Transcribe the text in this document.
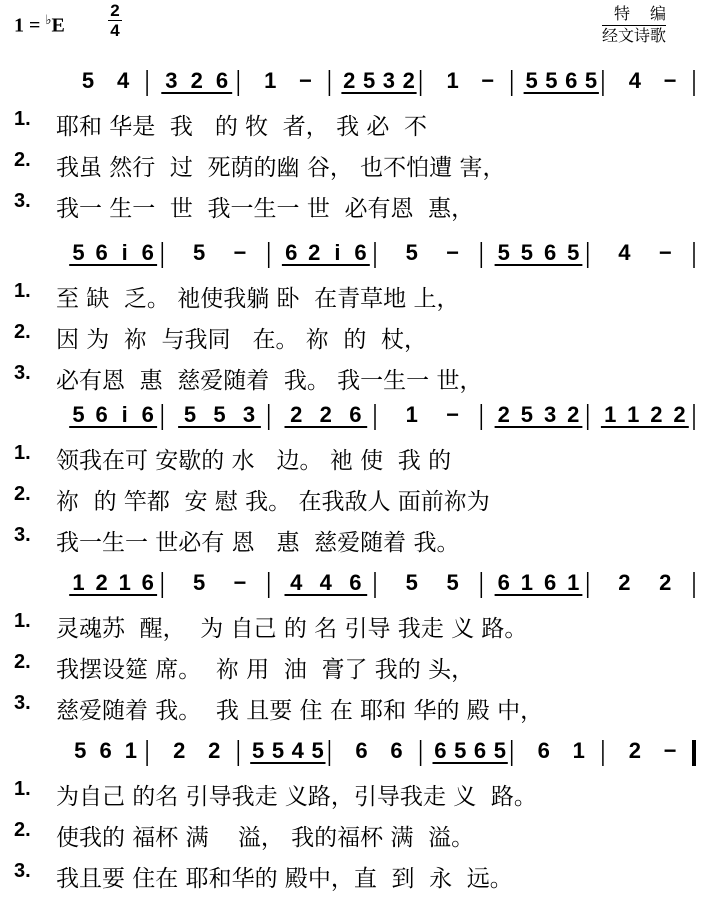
1 = ♭E
2
4
特编
经文诗歌
5 4 3 2 6 1 − 2 5 3 2 1 − 5 5 6 5 4 −
1. 耶和 华是  我   的 牧  者， 我 必  不
2. 我虽 然行  过  死荫的幽 谷， 也不怕遭 害，
3. 我一 生一  世  我一生一 世  必有恩  惠，
5 6 i 6 5 − 6 2 i 6 5 − 5 5 6 5 4 −
1. 至 缺  乏。 祂使我躺 卧  在青草地 上，
2. 因 为  祢  与我同   在。 祢  的  杖，
3. 必有恩  惠  慈爱随着  我。 我一生一 世，
5 6 i 6 5 5 3 2 2 6 1 − 2 5 3 2 1 1 2 2
1. 领我在可 安歇的 水   边。 祂 使  我 的
2. 祢  的 竿都  安 慰 我。 在我敌人 面前祢为
3. 我一生一 世必有 恩   惠  慈爱随着 我。
1 2 1 6 5 − 4 4 6 5 5 6 1 6 1 2 2
1. 灵魂苏  醒，  为 自己 的 名 引导 我走 义 路。
2. 我摆设筵 席。  祢 用  油  膏了 我的 头，
3. 慈爱随着 我。  我 且要 住 在 耶和 华的 殿 中，
5 6 1 2 2 5 5 4 5 6 6 6 5 6 5 6 1 2 −
1. 为自己 的名 引导我走 义路，引导我走 义  路。
2. 使我的 福杯 满    溢， 我的福杯 满  溢。
3. 我且要 住在 耶和华的 殿中，直  到  永  远。
